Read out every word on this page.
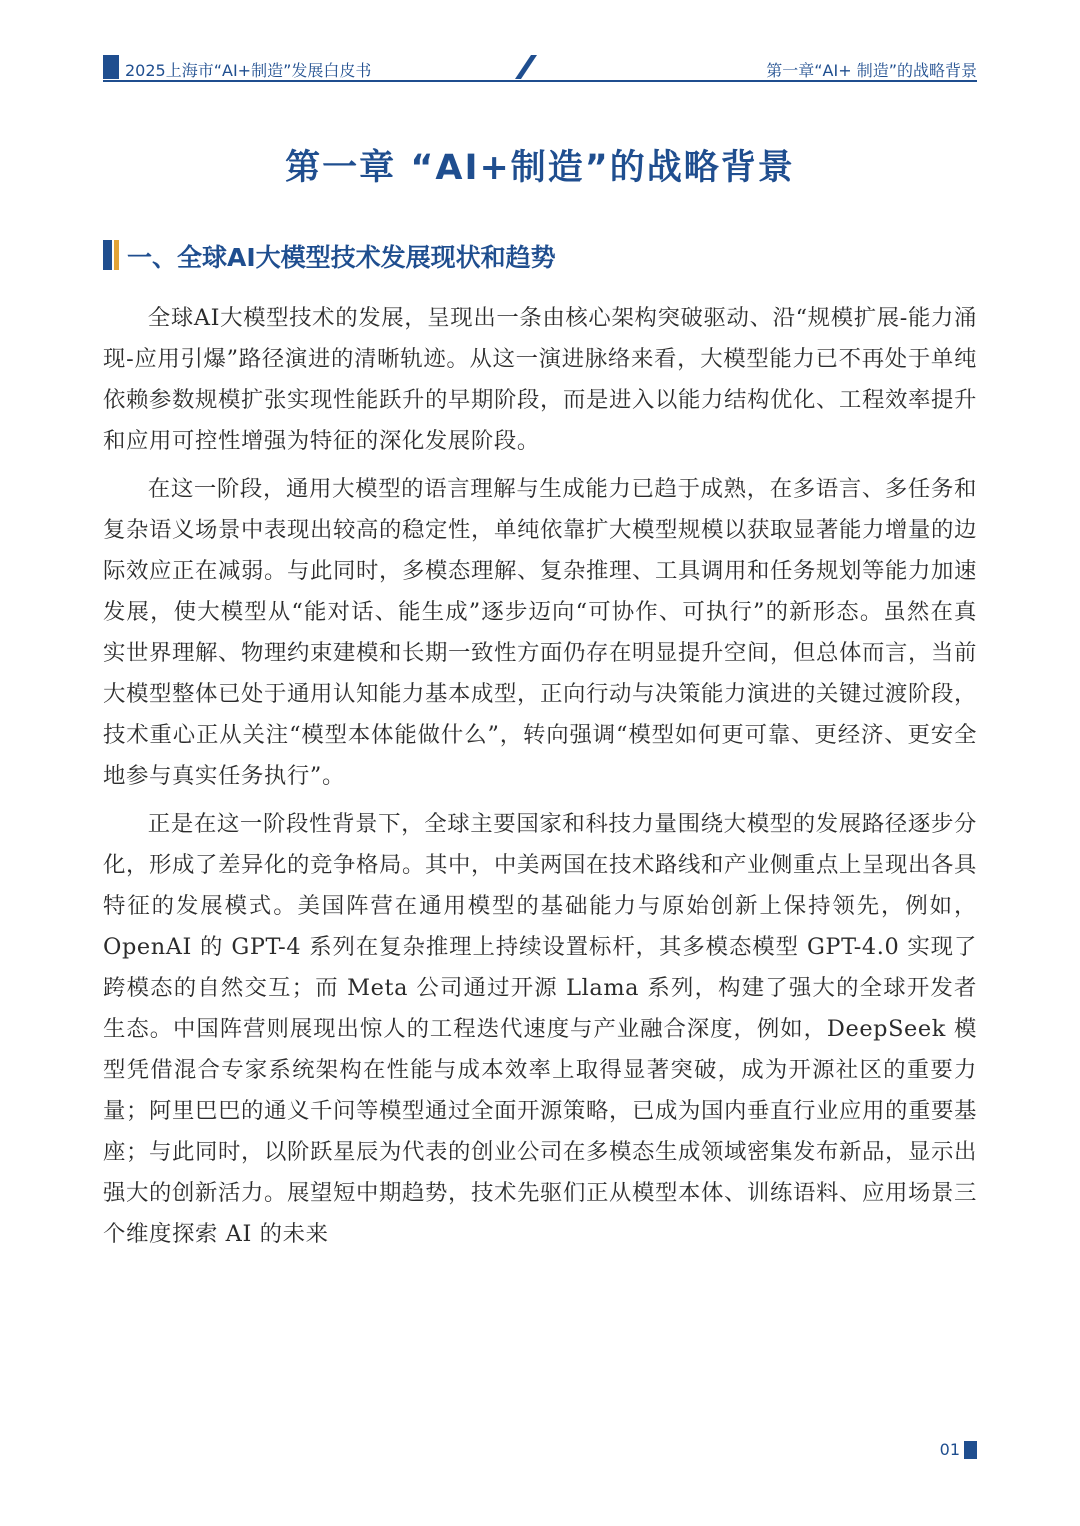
2025上海市“AI+制造”发展白皮书	第一章“AI+ 制造”的战略背景
第一章 “AI+制造”的战略背景
一、全球AI大模型技术发展现状和趋势

全球AI大模型技术的发展，呈现出一条由核心架构突破驱动、沿“规模扩展-能力涌现-应用引爆”路径演进的清晰轨迹。从这一演进脉络来看，大模型能力已不再处于单纯依赖参数规模扩张实现性能跃升的早期阶段，而是进入以能力结构优化、工程效率提升和应用可控性增强为特征的深化发展阶段。

在这一阶段，通用大模型的语言理解与生成能力已趋于成熟，在多语言、多任务和复杂语义场景中表现出较高的稳定性，单纯依靠扩大模型规模以获取显著能力增量的边际效应正在减弱。与此同时，多模态理解、复杂推理、工具调用和任务规划等能力加速发展，使大模型从“能对话、能生成”逐步迈向“可协作、可执行”的新形态。虽然在真实世界理解、物理约束建模和长期一致性方面仍存在明显提升空间，但总体而言，当前大模型整体已处于通用认知能力基本成型，正向行动与决策能力演进的关键过渡阶段，技术重心正从关注“模型本体能做什么”，转向强调“模型如何更可靠、更经济、更安全地参与真实任务执行”。

正是在这一阶段性背景下，全球主要国家和科技力量围绕大模型的发展路径逐步分化，形成了差异化的竞争格局。其中，中美两国在技术路线和产业侧重点上呈现出各具特征的发展模式。美国阵营在通用模型的基础能力与原始创新上保持领先，例如，OpenAI 的 GPT-4 系列在复杂推理上持续设置标杆，其多模态模型 GPT-4.0 实现了跨模态的自然交互；而 Meta 公司通过开源 Llama 系列，构建了强大的全球开发者生态。中国阵营则展现出惊人的工程迭代速度与产业融合深度，例如，DeepSeek 模型凭借混合专家系统架构在性能与成本效率上取得显著突破，成为开源社区的重要力量；阿里巴巴的通义千问等模型通过全面开源策略，已成为国内垂直行业应用的重要基座；与此同时，以阶跃星辰为代表的创业公司在多模态生成领域密集发布新品，显示出强大的创新活力。展望短中期趋势，技术先驱们正从模型本体、训练语料、应用场景三个维度探索 AI 的未来

01
